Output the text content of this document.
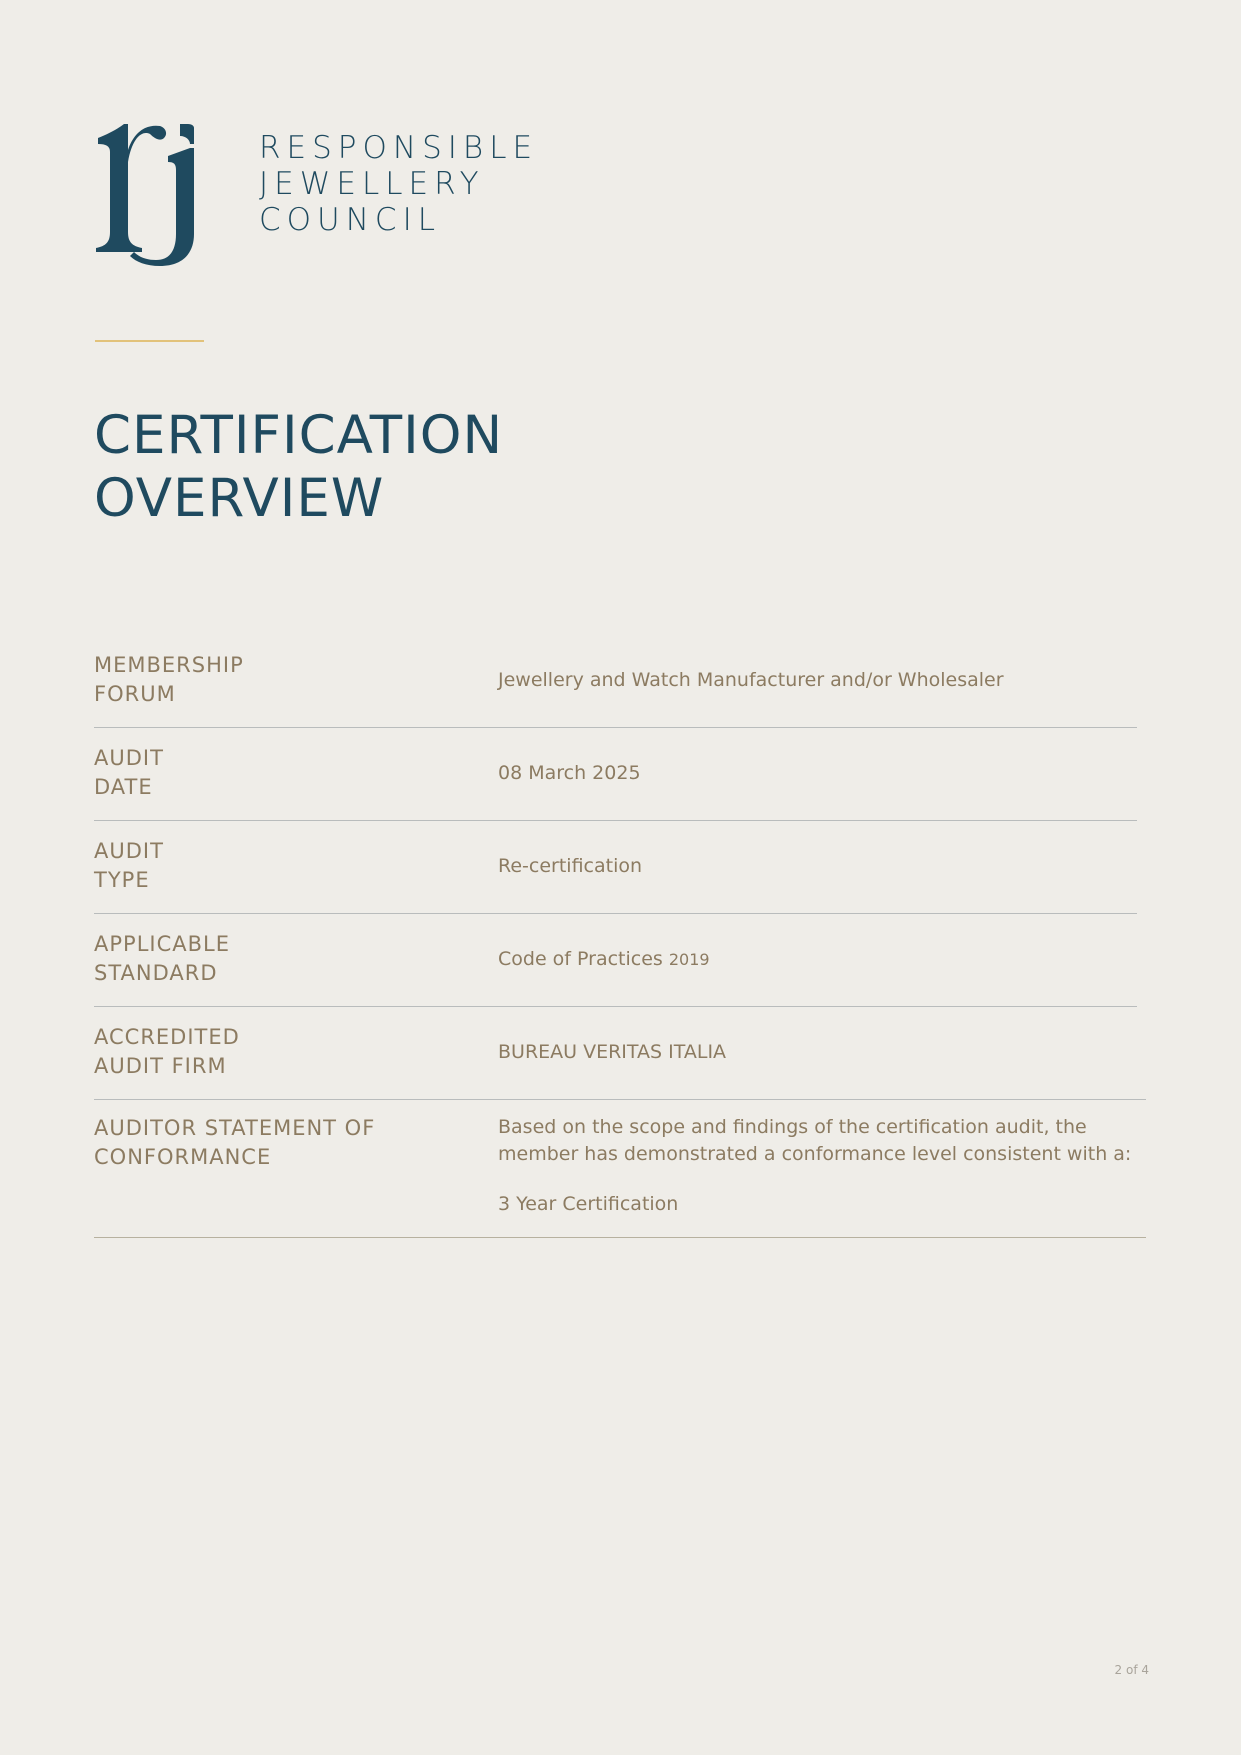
RESPONSIBLE
JEWELLERY
COUNCIL
CERTIFICATION
OVERVIEW
MEMBERSHIP
FORUM
Jewellery and Watch Manufacturer and/or Wholesaler
AUDIT
DATE
08 March 2025
AUDIT
TYPE
Re-certification
APPLICABLE
STANDARD
Code of Practices 2019
ACCREDITED
AUDIT FIRM
BUREAU VERITAS ITALIA
AUDITOR STATEMENT OF
CONFORMANCE

Based on the scope and findings of the certification audit, the member has demonstrated a conformance level consistent with a:

3 Year Certification

2 of 4
